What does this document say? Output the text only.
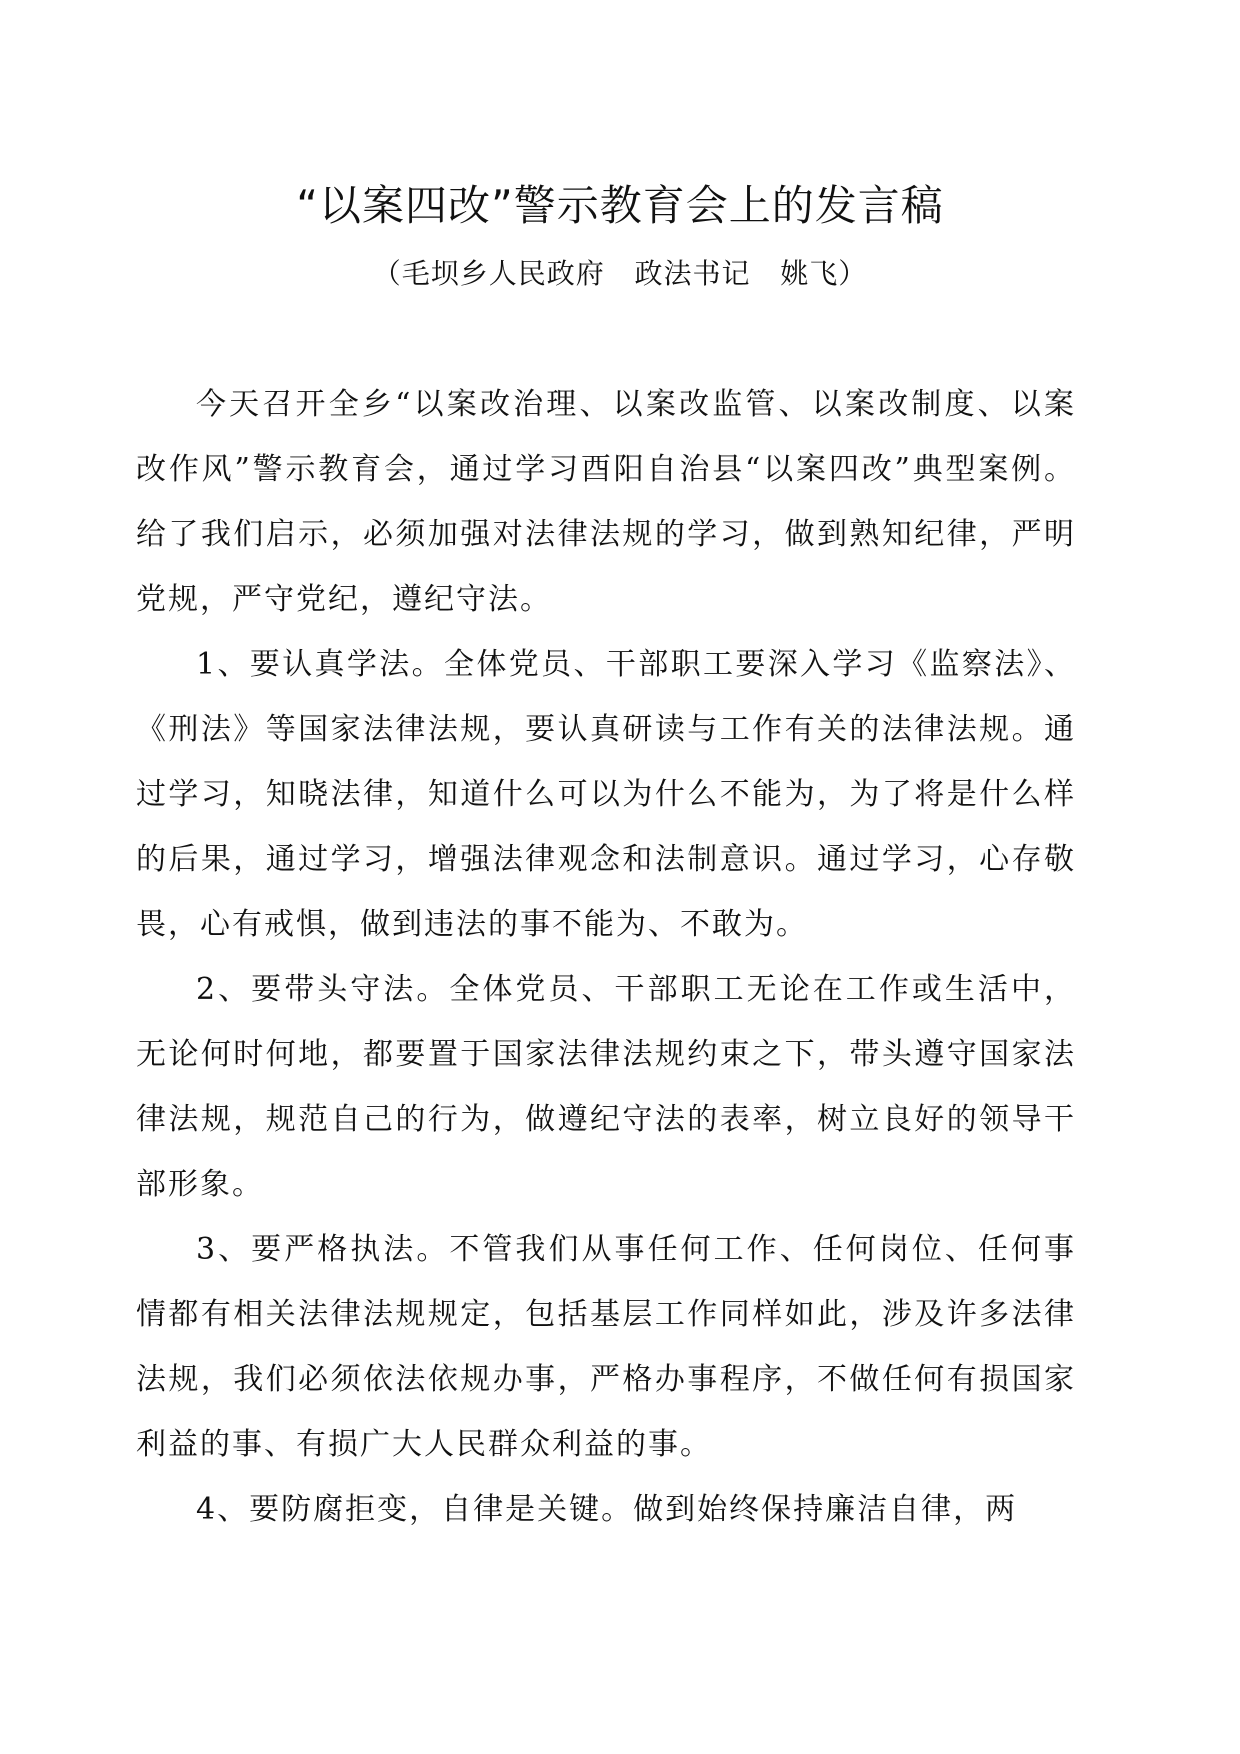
“以案四改”警示教育会上的发言稿
（毛坝乡人民政府   政法书记   姚飞）

今天召开全乡“以案改治理、以案改监管、以案改制度、以案改作风”警示教育会，通过学习酉阳自治县“以案四改”典型案例。给了我们启示，必须加强对法律法规的学习，做到熟知纪律，严明党规，严守党纪，遵纪守法。

1、要认真学法。全体党员、干部职工要深入学习《监察法》、《刑法》等国家法律法规，要认真研读与工作有关的法律法规。通过学习，知晓法律，知道什么可以为什么不能为，为了将是什么样的后果，通过学习，增强法律观念和法制意识。通过学习，心存敬畏，心有戒惧，做到违法的事不能为、不敢为。

2、要带头守法。全体党员、干部职工无论在工作或生活中，无论何时何地，都要置于国家法律法规约束之下，带头遵守国家法律法规，规范自己的行为，做遵纪守法的表率，树立良好的领导干部形象。

3、要严格执法。不管我们从事任何工作、任何岗位、任何事情都有相关法律法规规定，包括基层工作同样如此，涉及许多法律法规，我们必须依法依规办事，严格办事程序，不做任何有损国家利益的事、有损广大人民群众利益的事。

4、要防腐拒变，自律是关键。做到始终保持廉洁自律，两
